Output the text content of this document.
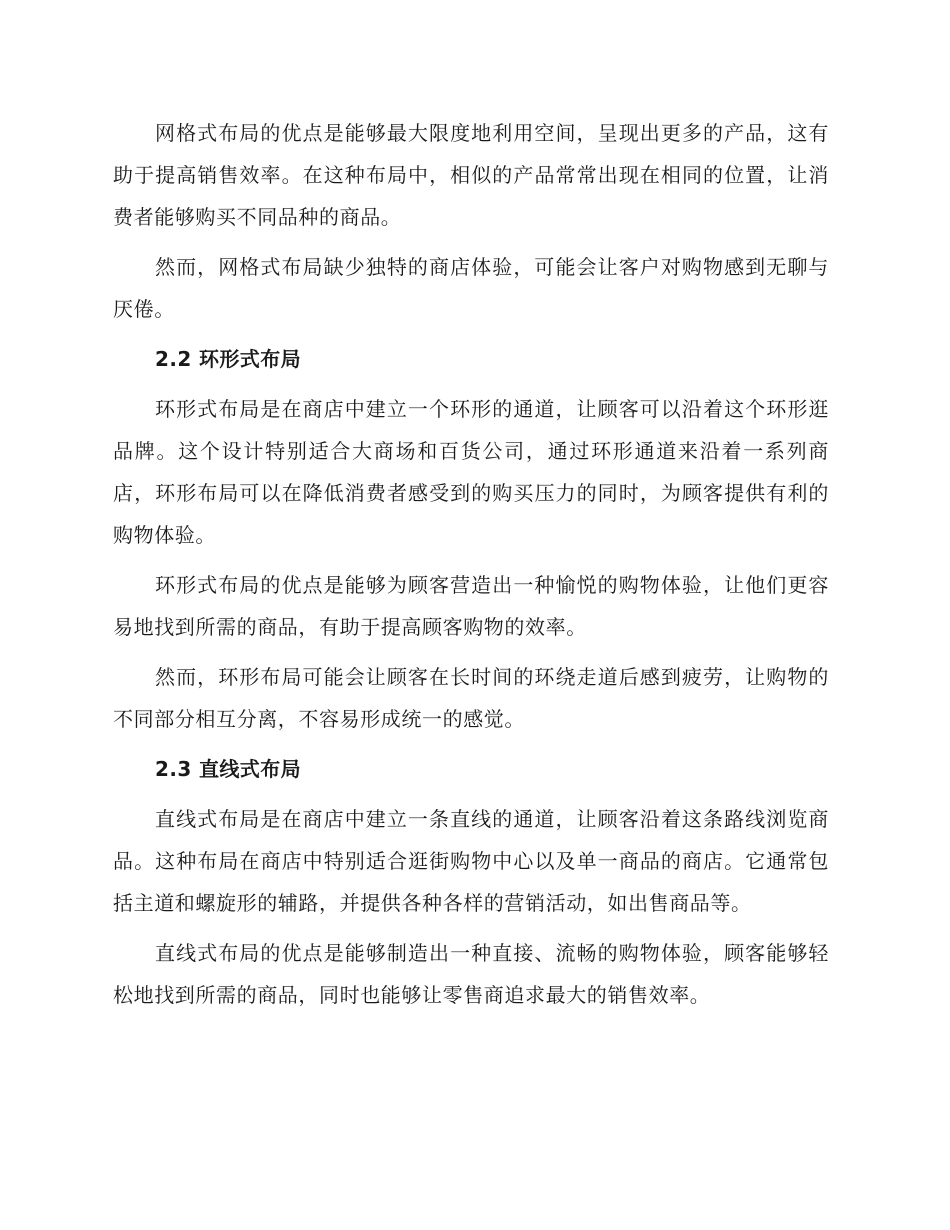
网格式布局的优点是能够最大限度地利用空间，呈现出更多的产品，这有助于提高销售效率。在这种布局中，相似的产品常常出现在相同的位置，让消费者能够购买不同品种的商品。

然而，网格式布局缺少独特的商店体验，可能会让客户对购物感到无聊与厌倦。

2.2 环形式布局

环形式布局是在商店中建立一个环形的通道，让顾客可以沿着这个环形逛品牌。这个设计特别适合大商场和百货公司，通过环形通道来沿着一系列商店，环形布局可以在降低消费者感受到的购买压力的同时，为顾客提供有利的购物体验。

环形式布局的优点是能够为顾客营造出一种愉悦的购物体验，让他们更容易地找到所需的商品，有助于提高顾客购物的效率。

然而，环形布局可能会让顾客在长时间的环绕走道后感到疲劳，让购物的不同部分相互分离，不容易形成统一的感觉。

2.3 直线式布局

直线式布局是在商店中建立一条直线的通道，让顾客沿着这条路线浏览商品。这种布局在商店中特别适合逛街购物中心以及单一商品的商店。它通常包括主道和螺旋形的辅路，并提供各种各样的营销活动，如出售商品等。

直线式布局的优点是能够制造出一种直接、流畅的购物体验，顾客能够轻松地找到所需的商品，同时也能够让零售商追求最大的销售效率。
